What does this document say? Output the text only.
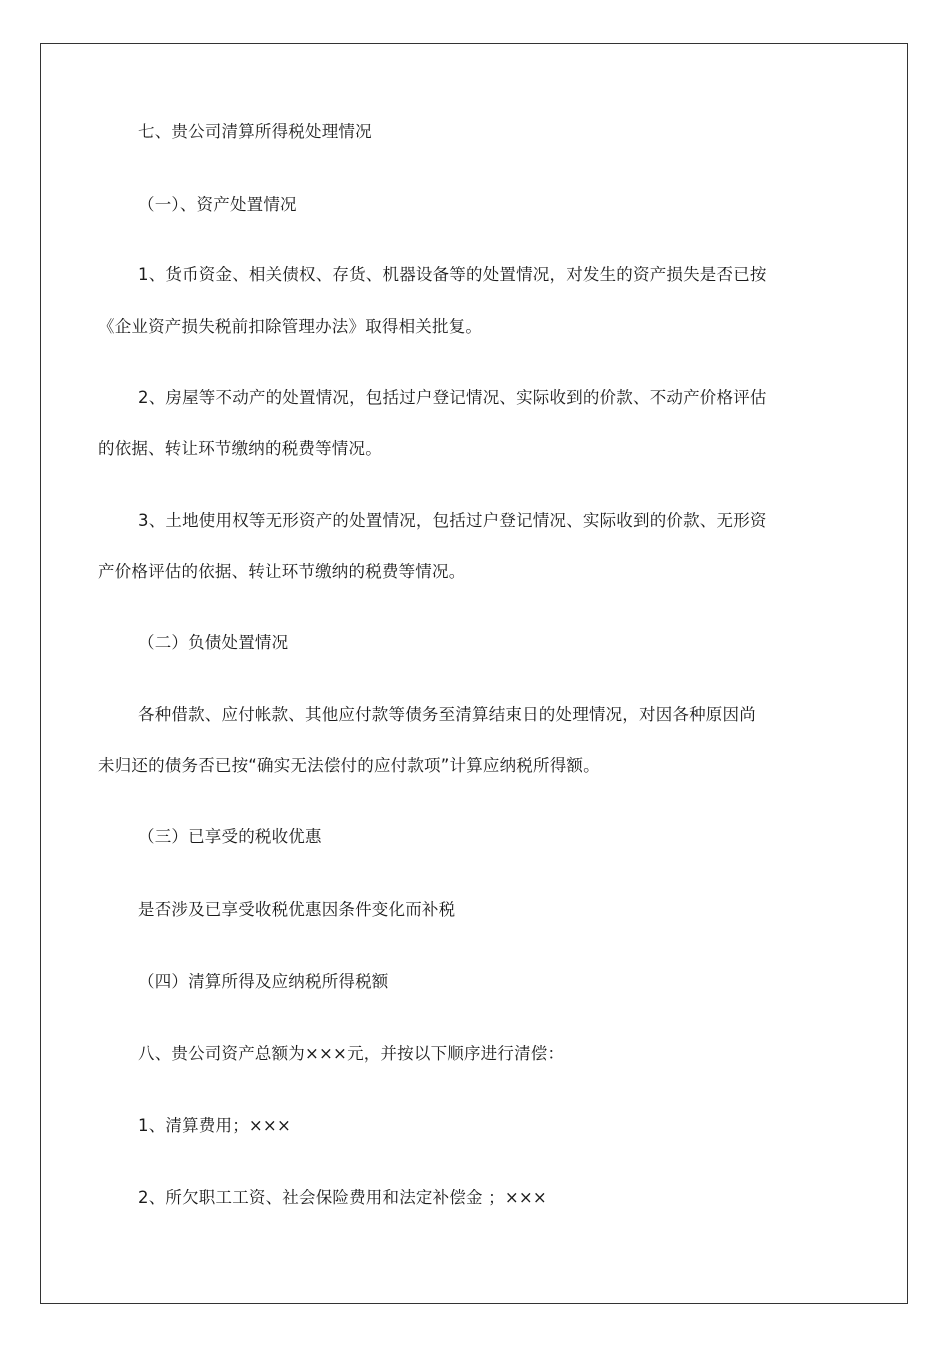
七、贵公司清算所得税处理情况
（一）、资产处置情况
1、货币资金、相关债权、存货、机器设备等的处置情况，对发生的资产损失是否已按
《企业资产损失税前扣除管理办法》取得相关批复。
2、房屋等不动产的处置情况，包括过户登记情况、实际收到的价款、不动产价格评估
的依据、转让环节缴纳的税费等情况。
3、土地使用权等无形资产的处置情况，包括过户登记情况、实际收到的价款、无形资
产价格评估的依据、转让环节缴纳的税费等情况。
（二）负债处置情况
各种借款、应付帐款、其他应付款等债务至清算结束日的处理情况，对因各种原因尚
未归还的债务否已按“确实无法偿付的应付款项”计算应纳税所得额。
（三）已享受的税收优惠
是否涉及已享受收税优惠因条件变化而补税
（四）清算所得及应纳税所得税额
八、贵公司资产总额为×××元，并按以下顺序进行清偿：
1、清算费用；×××
2、所欠职工工资、社会保险费用和法定补偿金 ；×××
